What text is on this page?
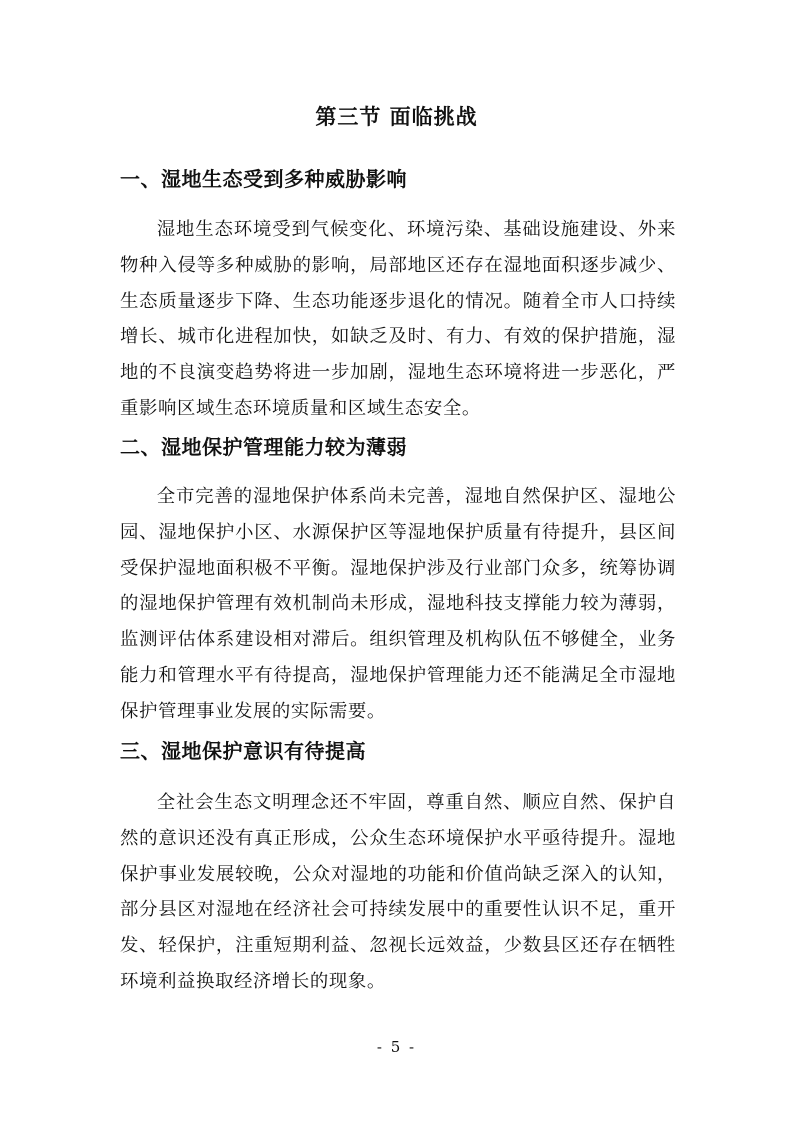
第三节 面临挑战
一、湿地生态受到多种威胁影响
湿地生态环境受到气候变化、环境污染、基础设施建设、外来物种入侵等多种威胁的影响，局部地区还存在湿地面积逐步减少、生态质量逐步下降、生态功能逐步退化的情况。随着全市人口持续增长、城市化进程加快，如缺乏及时、有力、有效的保护措施，湿地的不良演变趋势将进一步加剧，湿地生态环境将进一步恶化，严重影响区域生态环境质量和区域生态安全。
二、湿地保护管理能力较为薄弱
全市完善的湿地保护体系尚未完善，湿地自然保护区、湿地公园、湿地保护小区、水源保护区等湿地保护质量有待提升，县区间受保护湿地面积极不平衡。湿地保护涉及行业部门众多，统筹协调的湿地保护管理有效机制尚未形成，湿地科技支撑能力较为薄弱，监测评估体系建设相对滞后。组织管理及机构队伍不够健全，业务能力和管理水平有待提高，湿地保护管理能力还不能满足全市湿地保护管理事业发展的实际需要。
三、湿地保护意识有待提高
全社会生态文明理念还不牢固，尊重自然、顺应自然、保护自然的意识还没有真正形成，公众生态环境保护水平亟待提升。湿地保护事业发展较晚，公众对湿地的功能和价值尚缺乏深入的认知，部分县区对湿地在经济社会可持续发展中的重要性认识不足，重开发、轻保护，注重短期利益、忽视长远效益，少数县区还存在牺牲环境利益换取经济增长的现象。
- 5 -
